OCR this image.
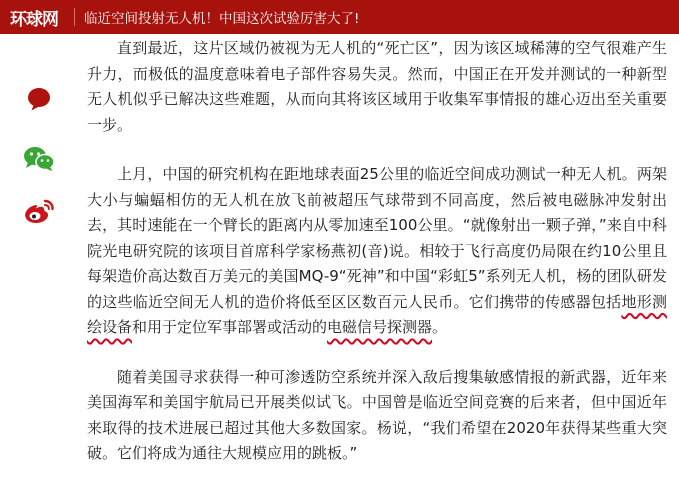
环球网	临近空间投射无人机！中国这次试验厉害大了!

直到最近，这片区域仍被视为无人机的“死亡区”，因为该区域稀薄的空气很难产生升力，而极低的温度意味着电子部件容易失灵。然而，中国正在开发并测试的一种新型无人机似乎已解决这些难题，从而向其将该区域用于收集军事情报的雄心迈出至关重要一步。

上月，中国的研究机构在距地球表面25公里的临近空间成功测试一种无人机。两架大小与蝙蝠相仿的无人机在放飞前被超压气球带到不同高度，然后被电磁脉冲发射出去，其时速能在一个臂长的距离内从零加速至100公里。“就像射出一颗子弹，”来自中科院光电研究院的该项目首席科学家杨燕初(音)说。相较于飞行高度仍局限在约10公里且每架造价高达数百万美元的美国MQ-9“死神”和中国“彩虹5”系列无人机，杨的团队研发的这些临近空间无人机的造价将低至区区数百元人民币。它们携带的传感器包括地形测绘设备和用于定位军事部署或活动的电磁信号探测器。

随着美国寻求获得一种可渗透防空系统并深入敌后搜集敏感情报的新武器，近年来美国海军和美国宇航局已开展类似试飞。中国曾是临近空间竞赛的后来者，但中国近年来取得的技术进展已超过其他大多数国家。杨说，“我们希望在2020年获得某些重大突破。它们将成为通往大规模应用的跳板。”
